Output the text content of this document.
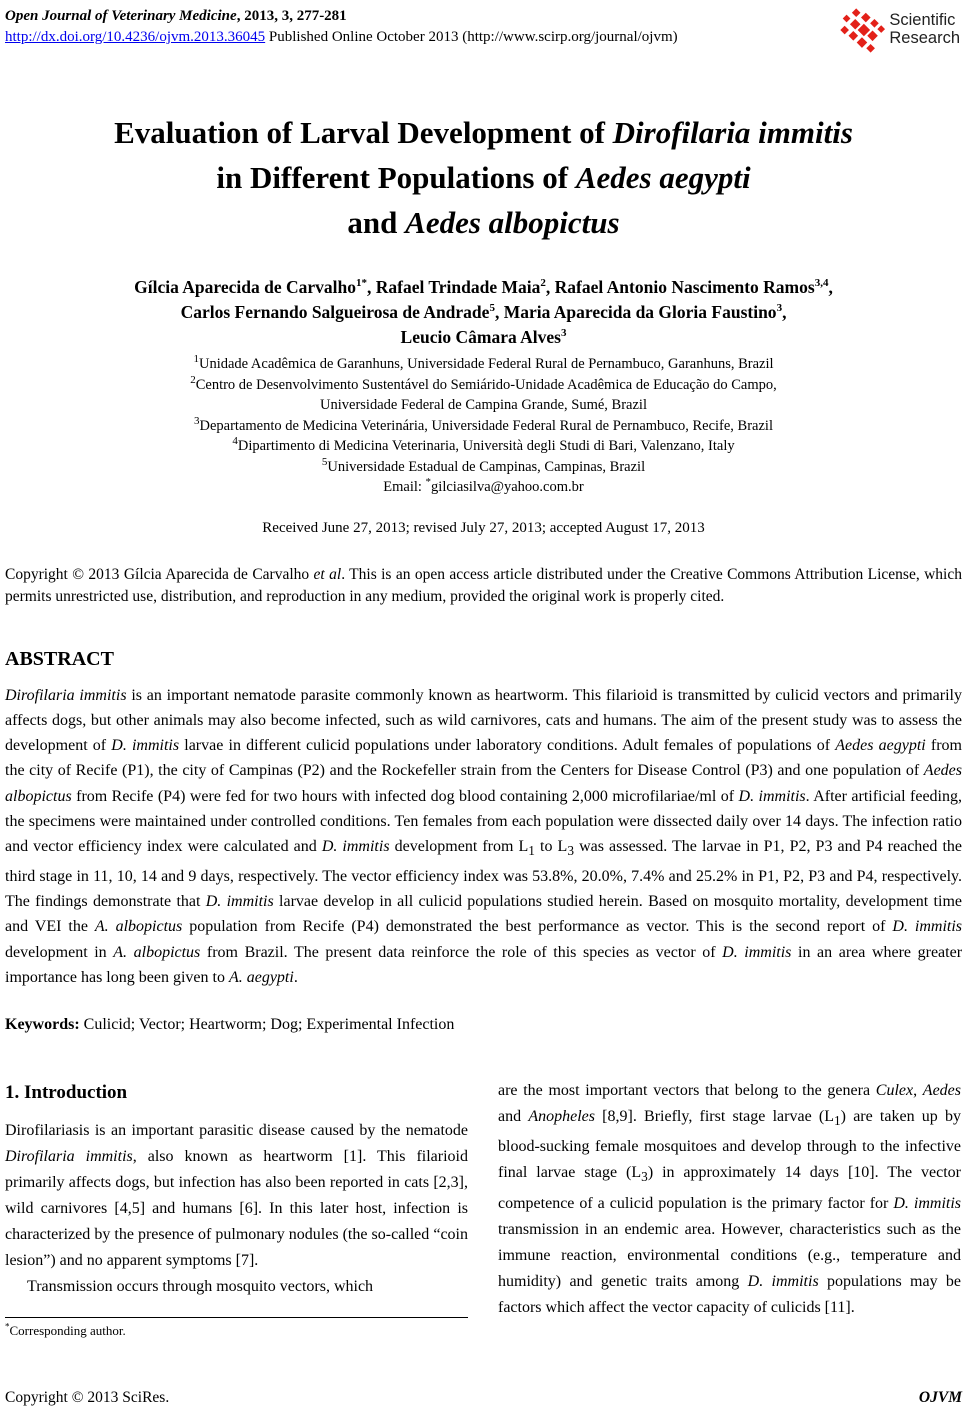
Open Journal of Veterinary Medicine, 2013, 3, 277-281
http://dx.doi.org/10.4236/ojvm.2013.36045 Published Online October 2013 (http://www.scirp.org/journal/ojvm)
Scientific
Research
Evaluation of Larval Development of Dirofilaria immitis
in Different Populations of Aedes aegypti
and Aedes albopictus
Gílcia Aparecida de Carvalho$^{1*}$, Rafael Trindade Maia$^2$, Rafael Antonio Nascimento Ramos$^{3,4}$,
Carlos Fernando Salgueirosa de Andrade$^5$, Maria Aparecida da Gloria Faustino$^3$,
Leucio Câmara Alves$^3$
$^1$Unidade Acadêmica de Garanhuns, Universidade Federal Rural de Pernambuco, Garanhuns, Brazil
$^2$Centro de Desenvolvimento Sustentável do Semiárido-Unidade Acadêmica de Educação do Campo,
Universidade Federal de Campina Grande, Sumé, Brazil
$^3$Departamento de Medicina Veterinária, Universidade Federal Rural de Pernambuco, Recife, Brazil
$^4$Dipartimento di Medicina Veterinaria, Università degli Studi di Bari, Valenzano, Italy
$^5$Universidade Estadual de Campinas, Campinas, Brazil
Email: *gilciasilva@yahoo.com.br
Received June 27, 2013; revised July 27, 2013; accepted August 17, 2013
Copyright © 2013 Gílcia Aparecida de Carvalho et al. This is an open access article distributed under the Creative Commons Attribution License, which permits unrestricted use, distribution, and reproduction in any medium, provided the original work is properly cited.
ABSTRACT
Dirofilaria immitis is an important nematode parasite commonly known as heartworm. This filarioid is transmitted by culicid vectors and primarily affects dogs, but other animals may also become infected, such as wild carnivores, cats and humans. The aim of the present study was to assess the development of D. immitis larvae in different culicid populations under laboratory conditions. Adult females of populations of Aedes aegypti from the city of Recife (P1), the city of Campinas (P2) and the Rockefeller strain from the Centers for Disease Control (P3) and one population of Aedes albopictus from Recife (P4) were fed for two hours with infected dog blood containing 2,000 microfilariae/ml of D. immitis. After artificial feeding, the specimens were maintained under controlled conditions. Ten females from each population were dissected daily over 14 days. The infection ratio and vector efficiency index were calculated and D. immitis development from $L_1$ to $L_3$ was assessed. The larvae in P1, P2, P3 and P4 reached the third stage in 11, 10, 14 and 9 days, respectively. The vector efficiency index was 53.8%, 20.0%, 7.4% and 25.2% in P1, P2, P3 and P4, respectively. The findings demonstrate that D. immitis larvae develop in all culicid populations studied herein. Based on mosquito mortality, development time and VEI the A. albopictus population from Recife (P4) demonstrated the best performance as vector. This is the second report of D. immitis development in A. albopictus from Brazil. The present data reinforce the role of this species as vector of D. immitis in an area where greater importance has long been given to A. aegypti.
Keywords: Culicid; Vector; Heartworm; Dog; Experimental Infection
1. Introduction
Dirofilariasis is an important parasitic disease caused by the nematode Dirofilaria immitis, also known as heartworm [1]. This filarioid primarily affects dogs, but infection has also been reported in cats [2,3], wild carnivores [4,5] and humans [6]. In this later host, infection is characterized by the presence of pulmonary nodules (the so-called “coin lesion”) and no apparent symptoms [7].
Transmission occurs through mosquito vectors, which
*Corresponding author.
are the most important vectors that belong to the genera Culex, Aedes and Anopheles [8,9]. Briefly, first stage larvae $(L_1)$ are taken up by blood-sucking female mosquitoes and develop through to the infective final larvae stage $(L_3)$ in approximately 14 days [10]. The vector competence of a culicid population is the primary factor for D. immitis transmission in an endemic area. However, characteristics such as the immune reaction, environmental conditions (e.g., temperature and humidity) and genetic traits among D. immitis populations may be factors which affect the vector capacity of culicids [11].
Copyright © 2013 SciRes.	OJVM
